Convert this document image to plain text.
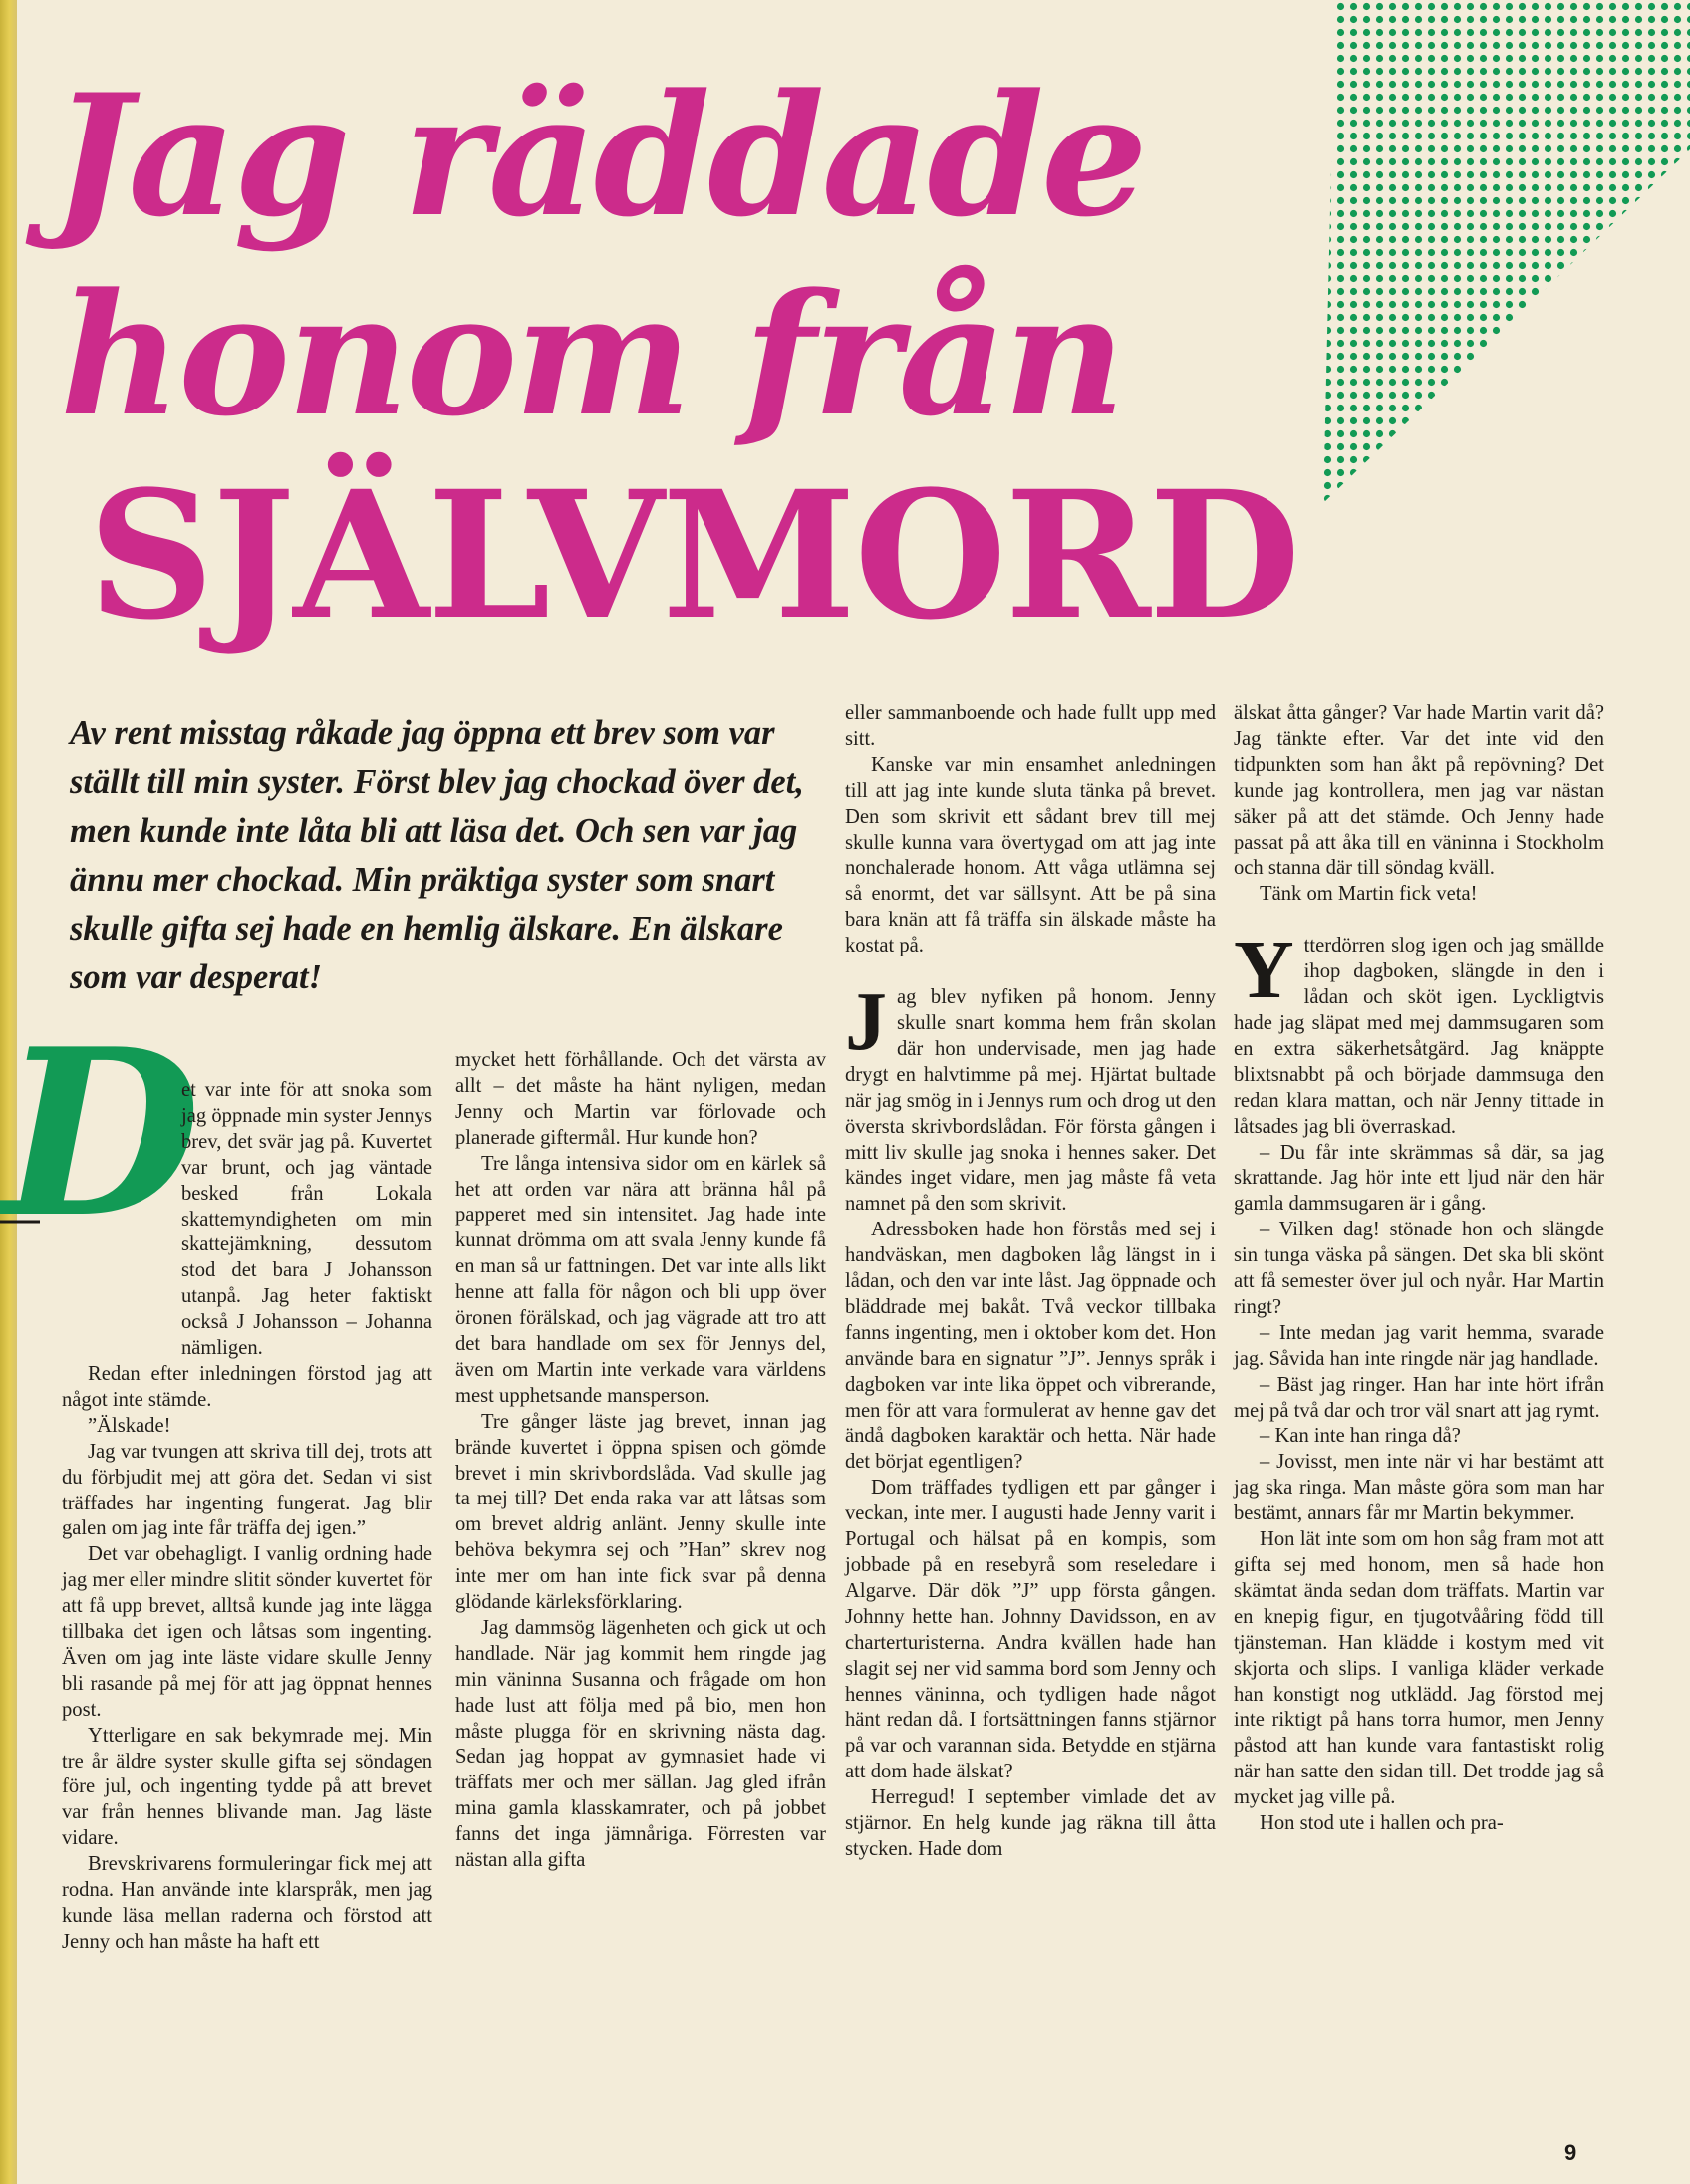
Jag räddade
honom från
SJÄLVMORD

Av rent misstag råkade jag öppna ett brev som var ställt till min syster. Först blev jag chockad över det, men kunde inte låta bli att läsa det. Och sen var jag ännu mer chockad. Min präktiga syster som snart skulle gifta sej hade en hemlig älskare. En älskare som var desperat!

D

et var inte för att snoka som jag öppnade min syster Jennys brev, det svär jag på. Kuvertet var brunt, och jag väntade besked från Lokala skattemyndigheten om min skattejämkning, dessutom stod det bara J Johansson utanpå. Jag heter faktiskt också J Johansson – Johanna nämligen.

Redan efter inledningen förstod jag att något inte stämde.

”Älskade!

Jag var tvungen att skriva till dej, trots att du förbjudit mej att göra det. Sedan vi sist träffades har ingenting fungerat. Jag blir galen om jag inte får träffa dej igen.”

Det var obehagligt. I vanlig ordning hade jag mer eller mindre slitit sönder kuvertet för att få upp brevet, alltså kunde jag inte lägga tillbaka det igen och låtsas som ingenting. Även om jag inte läste vidare skulle Jenny bli rasande på mej för att jag öppnat hennes post.

Ytterligare en sak bekymrade mej. Min tre år äldre syster skulle gifta sej söndagen före jul, och ingenting tydde på att brevet var från hennes blivande man. Jag läste vidare.

Brevskrivarens formuleringar fick mej att rodna. Han använde inte klarspråk, men jag kunde läsa mellan raderna och förstod att Jenny och han måste ha haft ett

mycket hett förhållande. Och det värsta av allt – det måste ha hänt nyligen, medan Jenny och Martin var förlovade och planerade giftermål. Hur kunde hon?

Tre långa intensiva sidor om en kärlek så het att orden var nära att bränna hål på papperet med sin intensitet. Jag hade inte kunnat drömma om att svala Jenny kunde få en man så ur fattningen. Det var inte alls likt henne att falla för någon och bli upp över öronen förälskad, och jag vägrade att tro att det bara handlade om sex för Jennys del, även om Martin inte verkade vara världens mest upphetsande mansperson.

Tre gånger läste jag brevet, innan jag brände kuvertet i öppna spisen och gömde brevet i min skrivbordslåda. Vad skulle jag ta mej till? Det enda raka var att låtsas som om brevet aldrig anlänt. Jenny skulle inte behöva bekymra sej och ”Han” skrev nog inte mer om han inte fick svar på denna glödande kärleksförklaring.

Jag dammsög lägenheten och gick ut och handlade. När jag kommit hem ringde jag min väninna Susanna och frågade om hon hade lust att följa med på bio, men hon måste plugga för en skrivning nästa dag. Sedan jag hoppat av gymnasiet hade vi träffats mer och mer sällan. Jag gled ifrån mina gamla klasskamrater, och på jobbet fanns det inga jämnåriga. Förresten var nästan alla gifta

eller sammanboende och hade fullt upp med sitt.

Kanske var min ensamhet anledningen till att jag inte kunde sluta tänka på brevet. Den som skrivit ett sådant brev till mej skulle kunna vara övertygad om att jag inte nonchalerade honom. Att våga utlämna sej så enormt, det var sällsynt. Att be på sina bara knän att få träffa sin älskade måste ha kostat på.

Jag blev nyfiken på honom. Jenny skulle snart komma hem från skolan där hon undervisade, men jag hade drygt en halvtimme på mej. Hjärtat bultade när jag smög in i Jennys rum och drog ut den översta skrivbordslådan. För första gången i mitt liv skulle jag snoka i hennes saker. Det kändes inget vidare, men jag måste få veta namnet på den som skrivit.

Adressboken hade hon förstås med sej i handväskan, men dagboken låg längst in i lådan, och den var inte låst. Jag öppnade och bläddrade mej bakåt. Två veckor tillbaka fanns ingenting, men i oktober kom det. Hon använde bara en signatur ”J”. Jennys språk i dagboken var inte lika öppet och vibrerande, men för att vara formulerat av henne gav det ändå dagboken karaktär och hetta. När hade det börjat egentligen?

Dom träffades tydligen ett par gånger i veckan, inte mer. I augusti hade Jenny varit i Portugal och hälsat på en kompis, som jobbade på en resebyrå som reseledare i Algarve. Där dök ”J” upp första gången. Johnny hette han. Johnny Davidsson, en av charterturisterna. Andra kvällen hade han slagit sej ner vid samma bord som Jenny och hennes väninna, och tydligen hade något hänt redan då. I fortsättningen fanns stjärnor på var och varannan sida. Betydde en stjärna att dom hade älskat?

Herregud! I september vimlade det av stjärnor. En helg kunde jag räkna till åtta stycken. Hade dom

älskat åtta gånger? Var hade Martin varit då? Jag tänkte efter. Var det inte vid den tidpunkten som han åkt på repövning? Det kunde jag kontrollera, men jag var nästan säker på att det stämde. Och Jenny hade passat på att åka till en väninna i Stockholm och stanna där till söndag kväll.

Tänk om Martin fick veta!

Ytterdörren slog igen och jag smällde ihop dagboken, slängde in den i lådan och sköt igen. Lyckligtvis hade jag släpat med mej dammsugaren som en extra säkerhetsåtgärd. Jag knäppte blixtsnabbt på och började dammsuga den redan klara mattan, och när Jenny tittade in låtsades jag bli överraskad.

– Du får inte skrämmas så där, sa jag skrattande. Jag hör inte ett ljud när den här gamla dammsugaren är i gång.

– Vilken dag! stönade hon och slängde sin tunga väska på sängen. Det ska bli skönt att få semester över jul och nyår. Har Martin ringt?

– Inte medan jag varit hemma, svarade jag. Såvida han inte ringde när jag handlade.

– Bäst jag ringer. Han har inte hört ifrån mej på två dar och tror väl snart att jag rymt.

– Kan inte han ringa då?

– Jovisst, men inte när vi har bestämt att jag ska ringa. Man måste göra som man har bestämt, annars får mr Martin bekymmer.

Hon lät inte som om hon såg fram mot att gifta sej med honom, men så hade hon skämtat ända sedan dom träffats. Martin var en knepig figur, en tjugotvååring född till tjänsteman. Han klädde i kostym med vit skjorta och slips. I vanliga kläder verkade han konstigt nog utklädd. Jag förstod mej inte riktigt på hans torra humor, men Jenny påstod att han kunde vara fantastiskt rolig när han satte den sidan till. Det trodde jag så mycket jag ville på.

Hon stod ute i hallen och pra-

9
